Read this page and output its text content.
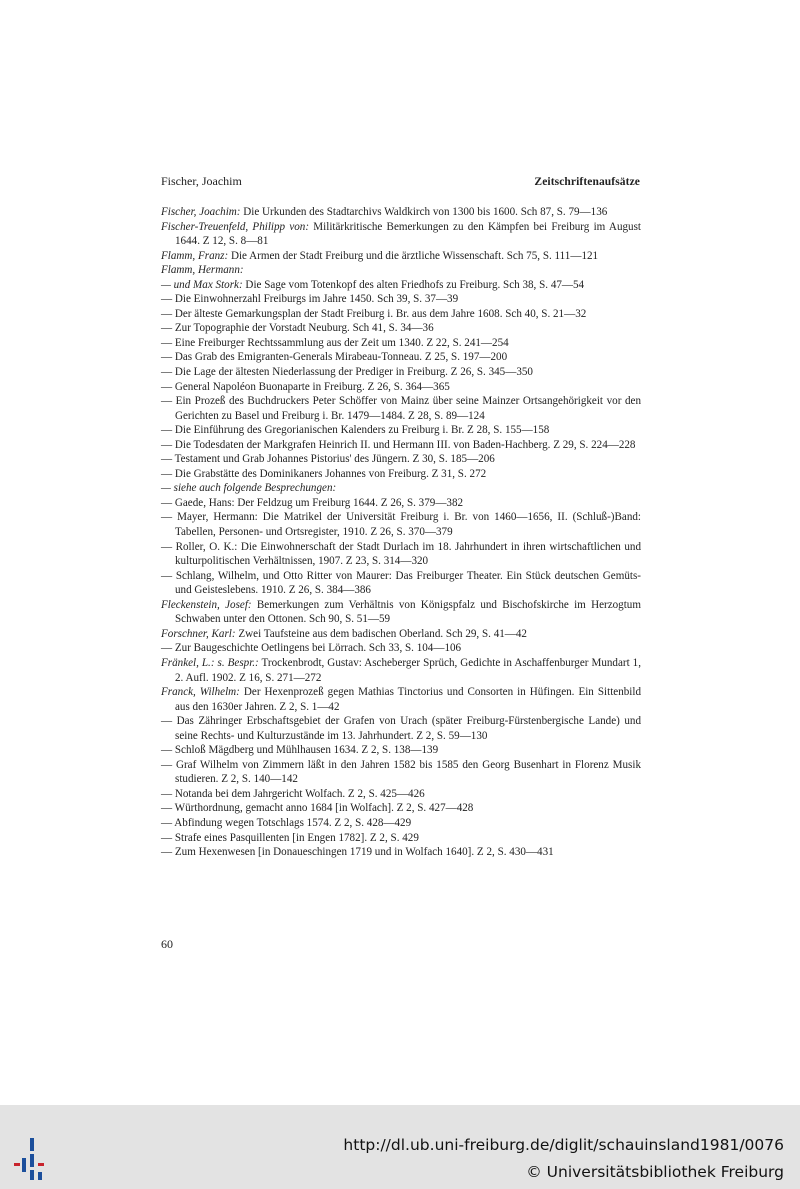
Fischer, Joachim	Zeitschriftenaufsätze

Fischer, Joachim: Die Urkunden des Stadtarchivs Waldkirch von 1300 bis 1600. Sch 87, S. 79—136

Fischer-Treuenfeld, Philipp von: Militärkritische Bemerkungen zu den Kämpfen bei Freiburg im August 1644. Z 12, S. 8—81

Flamm, Franz: Die Armen der Stadt Freiburg und die ärztliche Wissenschaft. Sch 75, S. 111—121

Flamm, Hermann:

— und Max Stork: Die Sage vom Totenkopf des alten Friedhofs zu Freiburg. Sch 38, S. 47—54

— Die Einwohnerzahl Freiburgs im Jahre 1450. Sch 39, S. 37—39

— Der älteste Gemarkungsplan der Stadt Freiburg i. Br. aus dem Jahre 1608. Sch 40, S. 21—32

— Zur Topographie der Vorstadt Neuburg. Sch 41, S. 34—36

— Eine Freiburger Rechtssammlung aus der Zeit um 1340. Z 22, S. 241—254

— Das Grab des Emigranten-Generals Mirabeau-Tonneau. Z 25, S. 197—200

— Die Lage der ältesten Niederlassung der Prediger in Freiburg. Z 26, S. 345—350

— General Napoléon Buonaparte in Freiburg. Z 26, S. 364—365

— Ein Prozeß des Buchdruckers Peter Schöffer von Mainz über seine Mainzer Ortsangehörigkeit vor den Gerichten zu Basel und Freiburg i. Br. 1479—1484. Z 28, S. 89—124

— Die Einführung des Gregorianischen Kalenders zu Freiburg i. Br. Z 28, S. 155—158

— Die Todesdaten der Markgrafen Heinrich II. und Hermann III. von Baden-Hachberg. Z 29, S. 224—228

— Testament und Grab Johannes Pistorius' des Jüngern. Z 30, S. 185—206

— Die Grabstätte des Dominikaners Johannes von Freiburg. Z 31, S. 272

— siehe auch folgende Besprechungen:

— Gaede, Hans: Der Feldzug um Freiburg 1644. Z 26, S. 379—382

— Mayer, Hermann: Die Matrikel der Universität Freiburg i. Br. von 1460—1656, II. (Schluß-)Band: Tabellen, Personen- und Ortsregister, 1910. Z 26, S. 370—379

— Roller, O. K.: Die Einwohnerschaft der Stadt Durlach im 18. Jahrhundert in ihren wirtschaftlichen und kulturpolitischen Verhältnissen, 1907. Z 23, S. 314—320

— Schlang, Wilhelm, und Otto Ritter von Maurer: Das Freiburger Theater. Ein Stück deutschen Gemüts- und Geisteslebens. 1910. Z 26, S. 384—386

Fleckenstein, Josef: Bemerkungen zum Verhältnis von Königspfalz und Bischofskirche im Herzogtum Schwaben unter den Ottonen. Sch 90, S. 51—59

Forschner, Karl: Zwei Taufsteine aus dem badischen Oberland. Sch 29, S. 41—42

— Zur Baugeschichte Oetlingens bei Lörrach. Sch 33, S. 104—106

Fränkel, L.: s. Bespr.: Trockenbrodt, Gustav: Ascheberger Sprüch, Gedichte in Aschaffenburger Mundart 1, 2. Aufl. 1902. Z 16, S. 271—272

Franck, Wilhelm: Der Hexenprozeß gegen Mathias Tinctorius und Consorten in Hüfingen. Ein Sittenbild aus den 1630er Jahren. Z 2, S. 1—42

— Das Zähringer Erbschaftsgebiet der Grafen von Urach (später Freiburg-Fürstenbergische Lande) und seine Rechts- und Kulturzustände im 13. Jahrhundert. Z 2, S. 59—130

— Schloß Mägdberg und Mühlhausen 1634. Z 2, S. 138—139

— Graf Wilhelm von Zimmern läßt in den Jahren 1582 bis 1585 den Georg Busenhart in Florenz Musik studieren. Z 2, S. 140—142

— Notanda bei dem Jahrgericht Wolfach. Z 2, S. 425—426

— Würthordnung, gemacht anno 1684 [in Wolfach]. Z 2, S. 427—428

— Abfindung wegen Totschlags 1574. Z 2, S. 428—429

— Strafe eines Pasquillenten [in Engen 1782]. Z 2, S. 429

— Zum Hexenwesen [in Donaueschingen 1719 und in Wolfach 1640]. Z 2, S. 430—431

60
http://dl.ub.uni-freiburg.de/diglit/schauinsland1981/0076
© Universitätsbibliothek Freiburg
